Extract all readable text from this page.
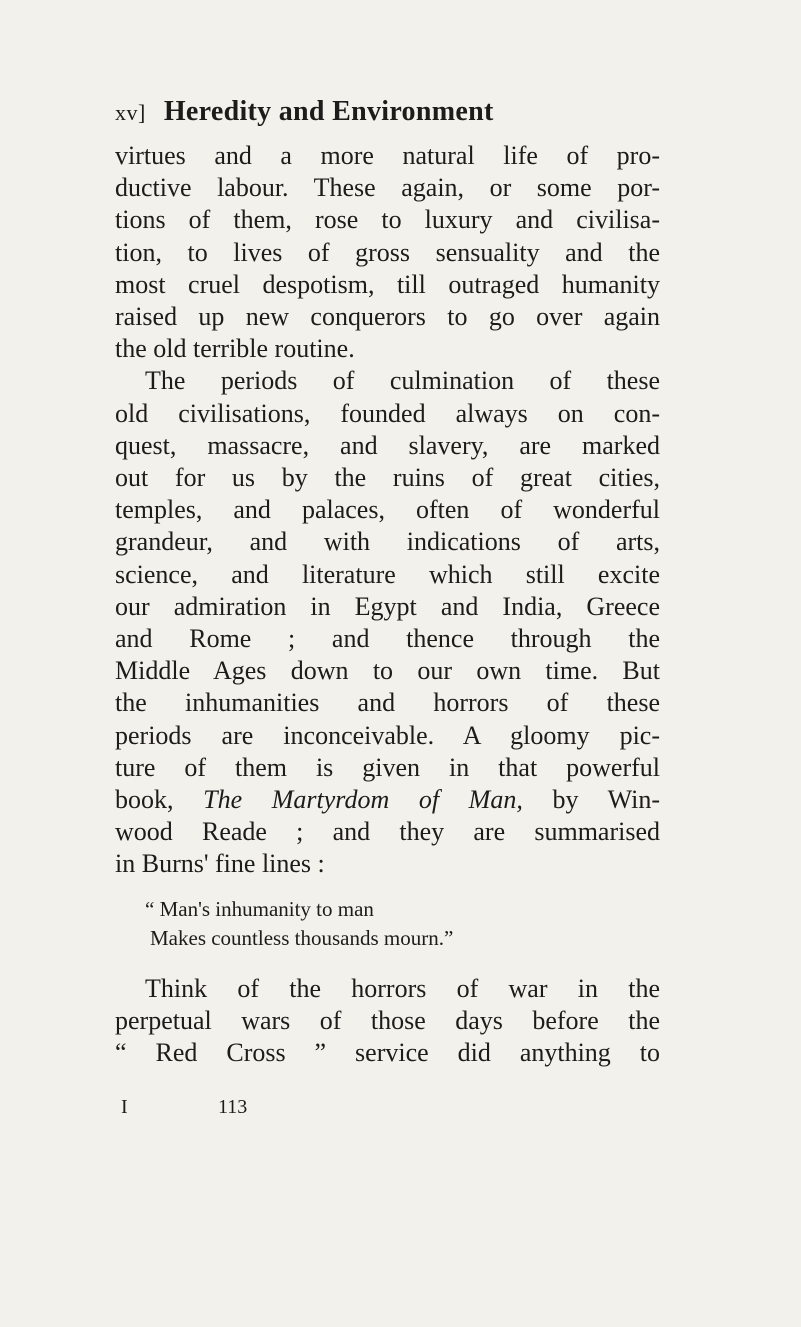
xv] Heredity and Environment

virtues and a more natural life of pro-
ductive labour. These again, or some por-
tions of them, rose to luxury and civilisa-
tion, to lives of gross sensuality and the
most cruel despotism, till outraged humanity
raised up new conquerors to go over again
the old terrible routine.

The periods of culmination of these
old civilisations, founded always on con-
quest, massacre, and slavery, are marked
out for us by the ruins of great cities,
temples, and palaces, often of wonderful
grandeur, and with indications of arts,
science, and literature which still excite
our admiration in Egypt and India, Greece
and Rome ; and thence through the
Middle Ages down to our own time. But
the inhumanities and horrors of these
periods are inconceivable. A gloomy pic-
ture of them is given in that powerful
book, The Martyrdom of Man, by Win-
wood Reade ; and they are summarised
in Burns' fine lines :

“ Man's inhumanity to man
Makes countless thousands mourn.”

Think of the horrors of war in the
perpetual wars of those days before the
“ Red Cross ” service did anything to

I	113
